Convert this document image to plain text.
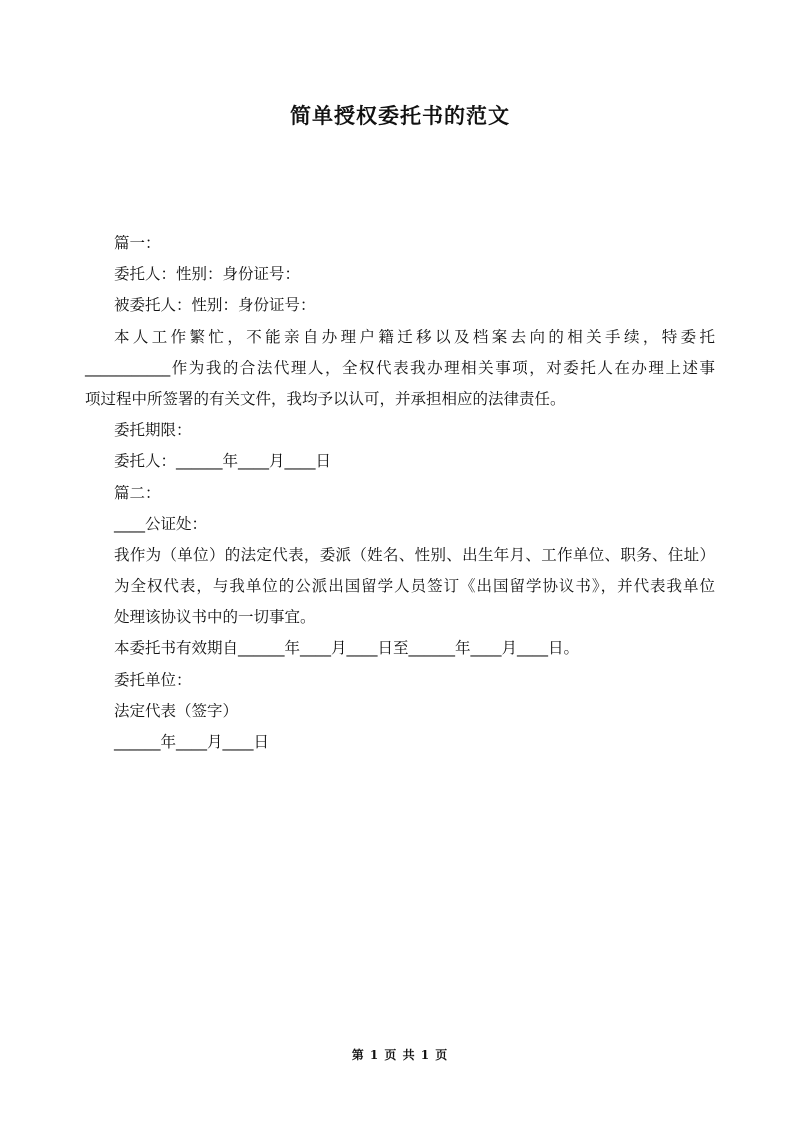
简单授权委托书的范文
篇一：
委托人：性别：身份证号：
被委托人：性别：身份证号：
本人工作繁忙，不能亲自办理户籍迁移以及档案去向的相关手续，特委托
___________作为我的合法代理人，全权代表我办理相关事项，对委托人在办理上述事
项过程中所签署的有关文件，我均予以认可，并承担相应的法律责任。
委托期限：
委托人：______年____月____日
篇二：
____公证处：
我作为（单位）的法定代表，委派（姓名、性别、出生年月、工作单位、职务、住址）
为全权代表，与我单位的公派出国留学人员签订《出国留学协议书》，并代表我单位
处理该协议书中的一切事宜。
本委托书有效期自______年____月____日至______年____月____日。
委托单位：
法定代表（签字）
______年____月____日
第 1 页 共 1 页
